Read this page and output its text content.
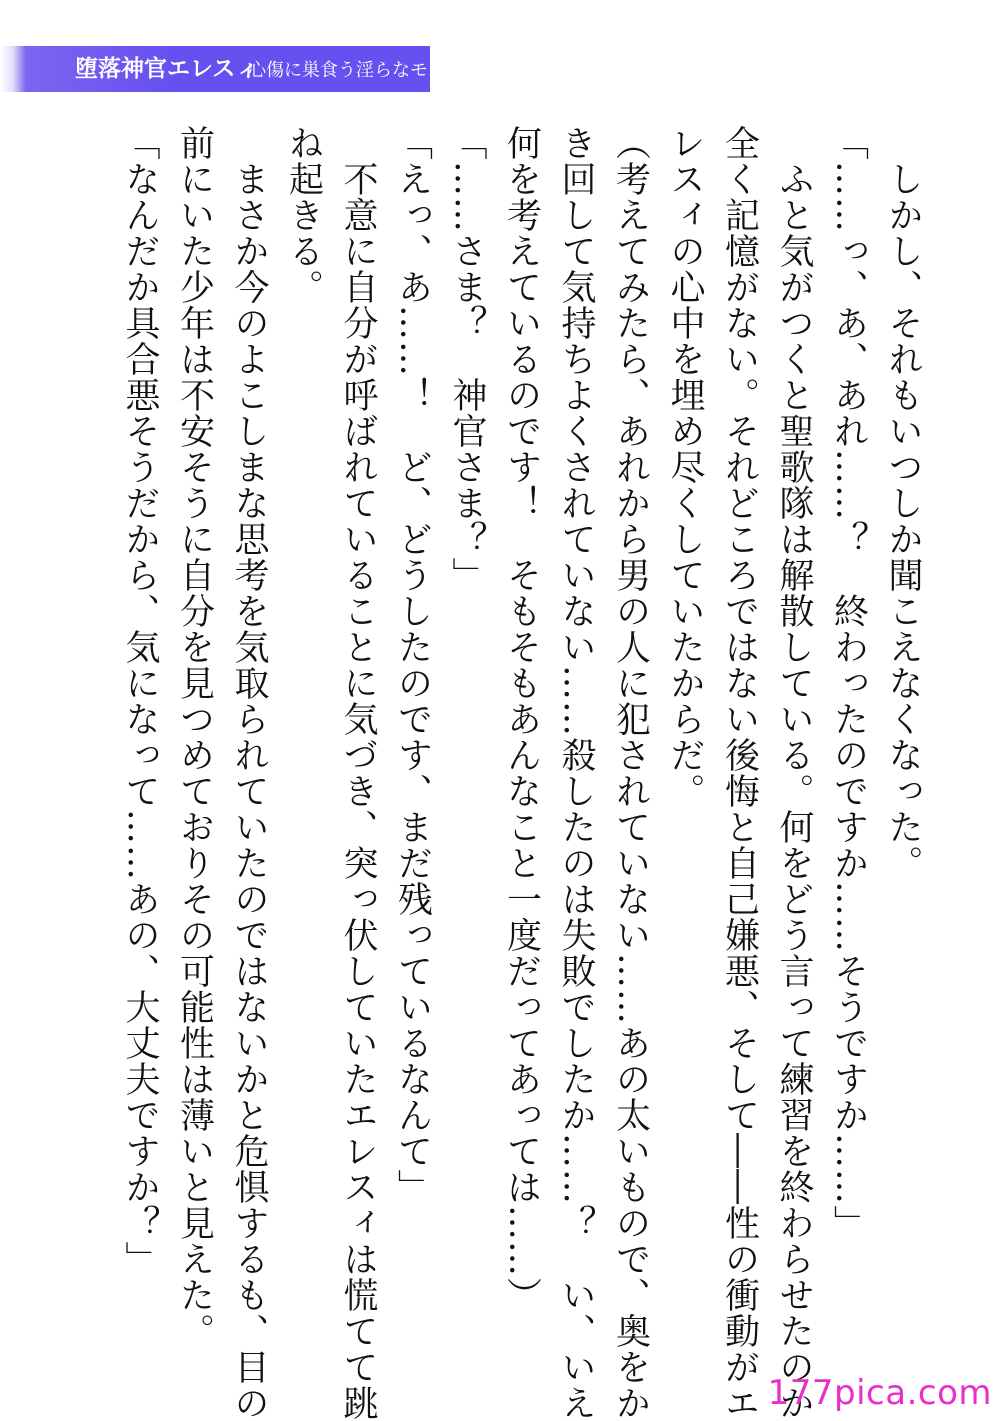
堕落神官エレスィ
心傷に巣食う淫らなモノ
　しかし、それもいつしか聞こえなくなった。
「……っ、あ、あれ……？　終わったのですか……そうですか……」
　ふと気がつくと聖歌隊は解散している。何をどう言って練習を終わらせたのか
全く記憶がない。それどころではない後悔と自己嫌悪、そして――性の衝動がエ
レスィの心中を埋め尽くしていたからだ。
（考えてみたら、あれから男の人に犯されていない……あの太いもので、奥をか
き回して気持ちよくされていない……殺したのは失敗でしたか……？　い、いえ
何を考えているのです！　そもそもあんなこと一度だってあっては……）
「……さま？　神官さま？」
「えっ、あ……！　ど、どうしたのです、まだ残っているなんて」
　不意に自分が呼ばれていることに気づき、突っ伏していたエレスィは慌てて跳
ね起きる。
　まさか今のよこしまな思考を気取られていたのではないかと危惧するも、目の
前にいた少年は不安そうに自分を見つめておりその可能性は薄いと見えた。
「なんだか具合悪そうだから、気になって……あの、大丈夫ですか？」
177pica.com
